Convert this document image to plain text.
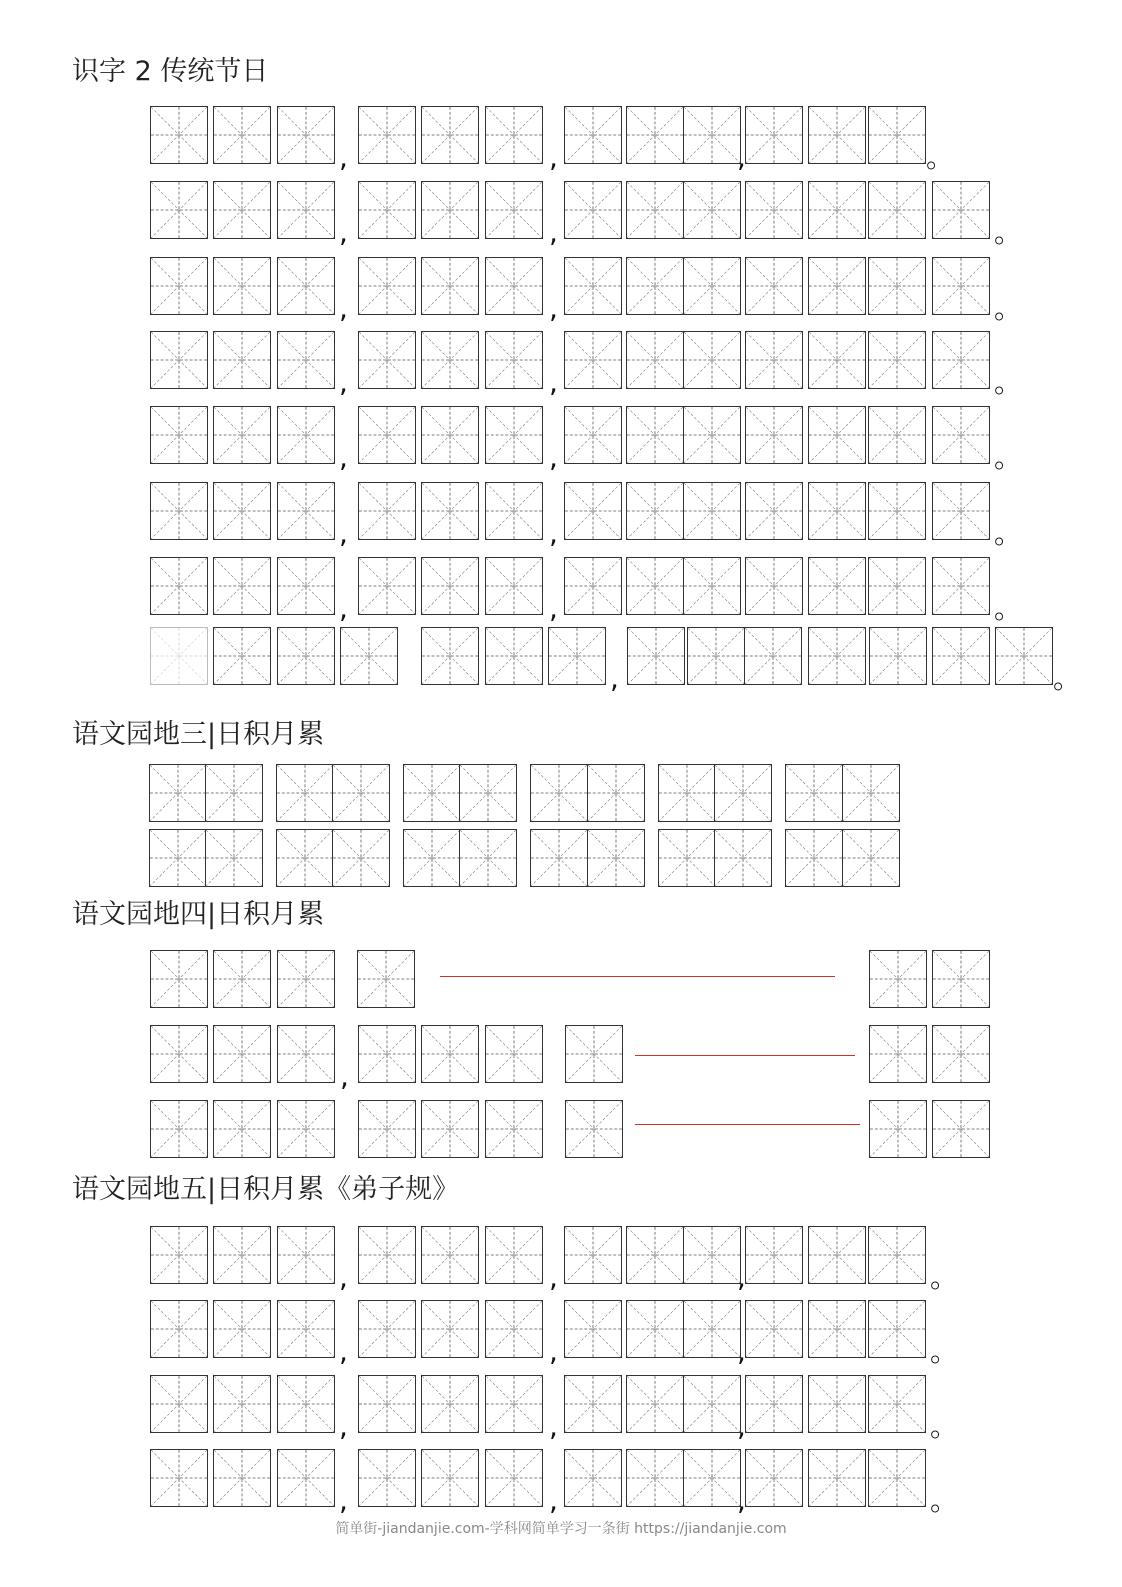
识字 2 传统节日
,	,	,	。
,	,	。
,	,	。
,	,	。
,	,	。
,	,	。
,	,	。
,	。
语文园地三|日积月累
语文园地四|日积月累
,
语文园地五|日积月累《弟子规》
,	,	,	。
,	,	,	。
,	,	,	。
,	,	,	。
简单街-jiandanjie.com-学科网简单学习一条街 https://jiandanjie.com
